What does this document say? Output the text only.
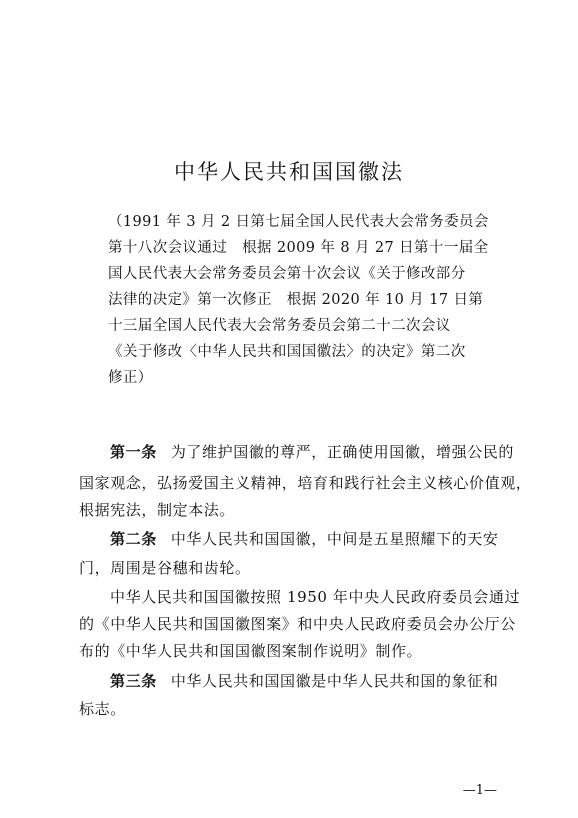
中华人民共和国国徽法
（1991 年 3 月 2 日第七届全国人民代表大会常务委员会
第十八次会议通过　根据 2009 年 8 月 27 日第十一届全
国人民代表大会常务委员会第十次会议《关于修改部分
法律的决定》第一次修正　根据 2020 年 10 月 17 日第
十三届全国人民代表大会常务委员会第二十二次会议
《关于修改〈中华人民共和国国徽法〉的决定》第二次
修正）
第一条 为了维护国徽的尊严，正确使用国徽，增强公民的
国家观念，弘扬爱国主义精神，培育和践行社会主义核心价值观，
根据宪法，制定本法。
第二条 中华人民共和国国徽，中间是五星照耀下的天安
门，周围是谷穗和齿轮。
中华人民共和国国徽按照 1950 年中央人民政府委员会通过
的《中华人民共和国国徽图案》和中央人民政府委员会办公厅公
布的《中华人民共和国国徽图案制作说明》制作。
第三条 中华人民共和国国徽是中华人民共和国的象征和
标志。
—1—
